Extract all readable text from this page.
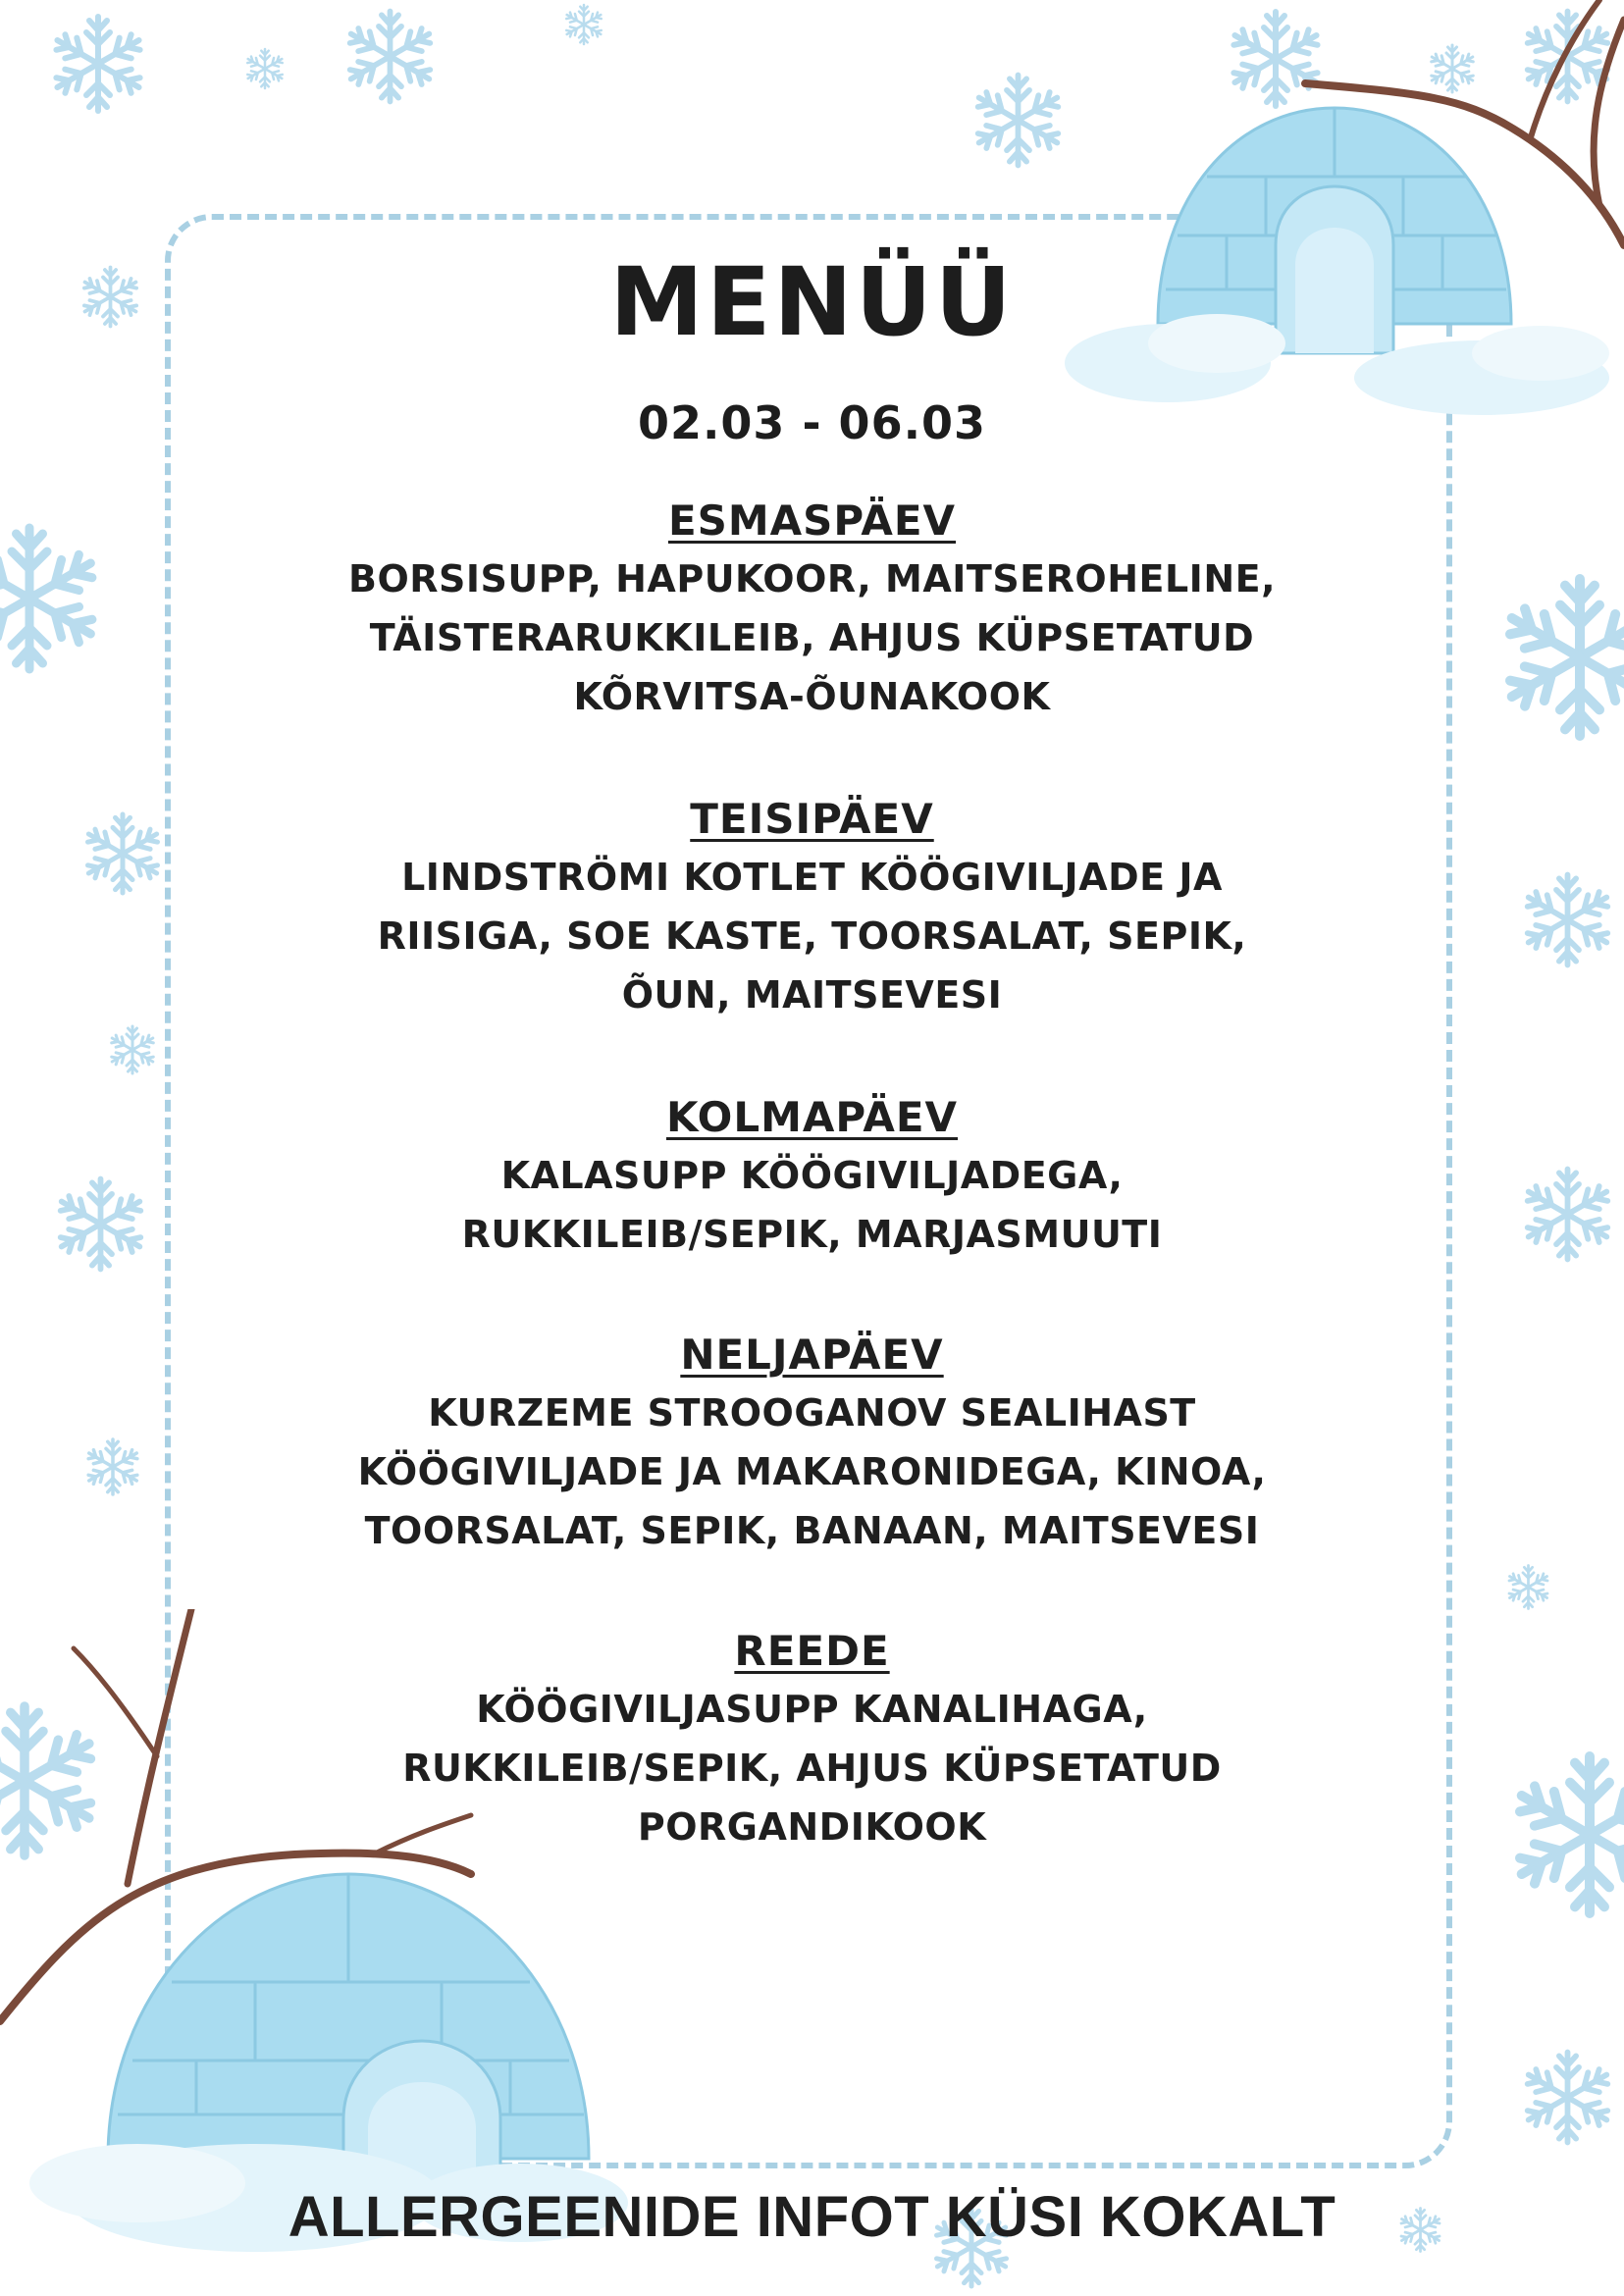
MENÜÜ
02.03 - 06.03
ESMASPÄEV

BORSISUPP, HAPUKOOR, MAITSEROHELINE,

TÄISTERARUKKILEIB, AHJUS KÜPSETATUD

KÕRVITSA-ÕUNAKOOK

TEISIPÄEV

LINDSTRÖMI KOTLET KÖÖGIVILJADE JA

RIISIGA, SOE KASTE, TOORSALAT, SEPIK,

ÕUN, MAITSEVESI

KOLMAPÄEV

KALASUPP KÖÖGIVILJADEGA,

RUKKILEIB/SEPIK, MARJASMUUTI

NELJAPÄEV

KURZEME STROOGANOV SEALIHAST

KÖÖGIVILJADE JA MAKARONIDEGA, KINOA,

TOORSALAT, SEPIK, BANAAN, MAITSEVESI

REEDE

KÖÖGIVILJASUPP KANALIHAGA,

RUKKILEIB/SEPIK, AHJUS KÜPSETATUD

PORGANDIKOOK

ALLERGEENIDE INFOT KÜSI KOKALT
